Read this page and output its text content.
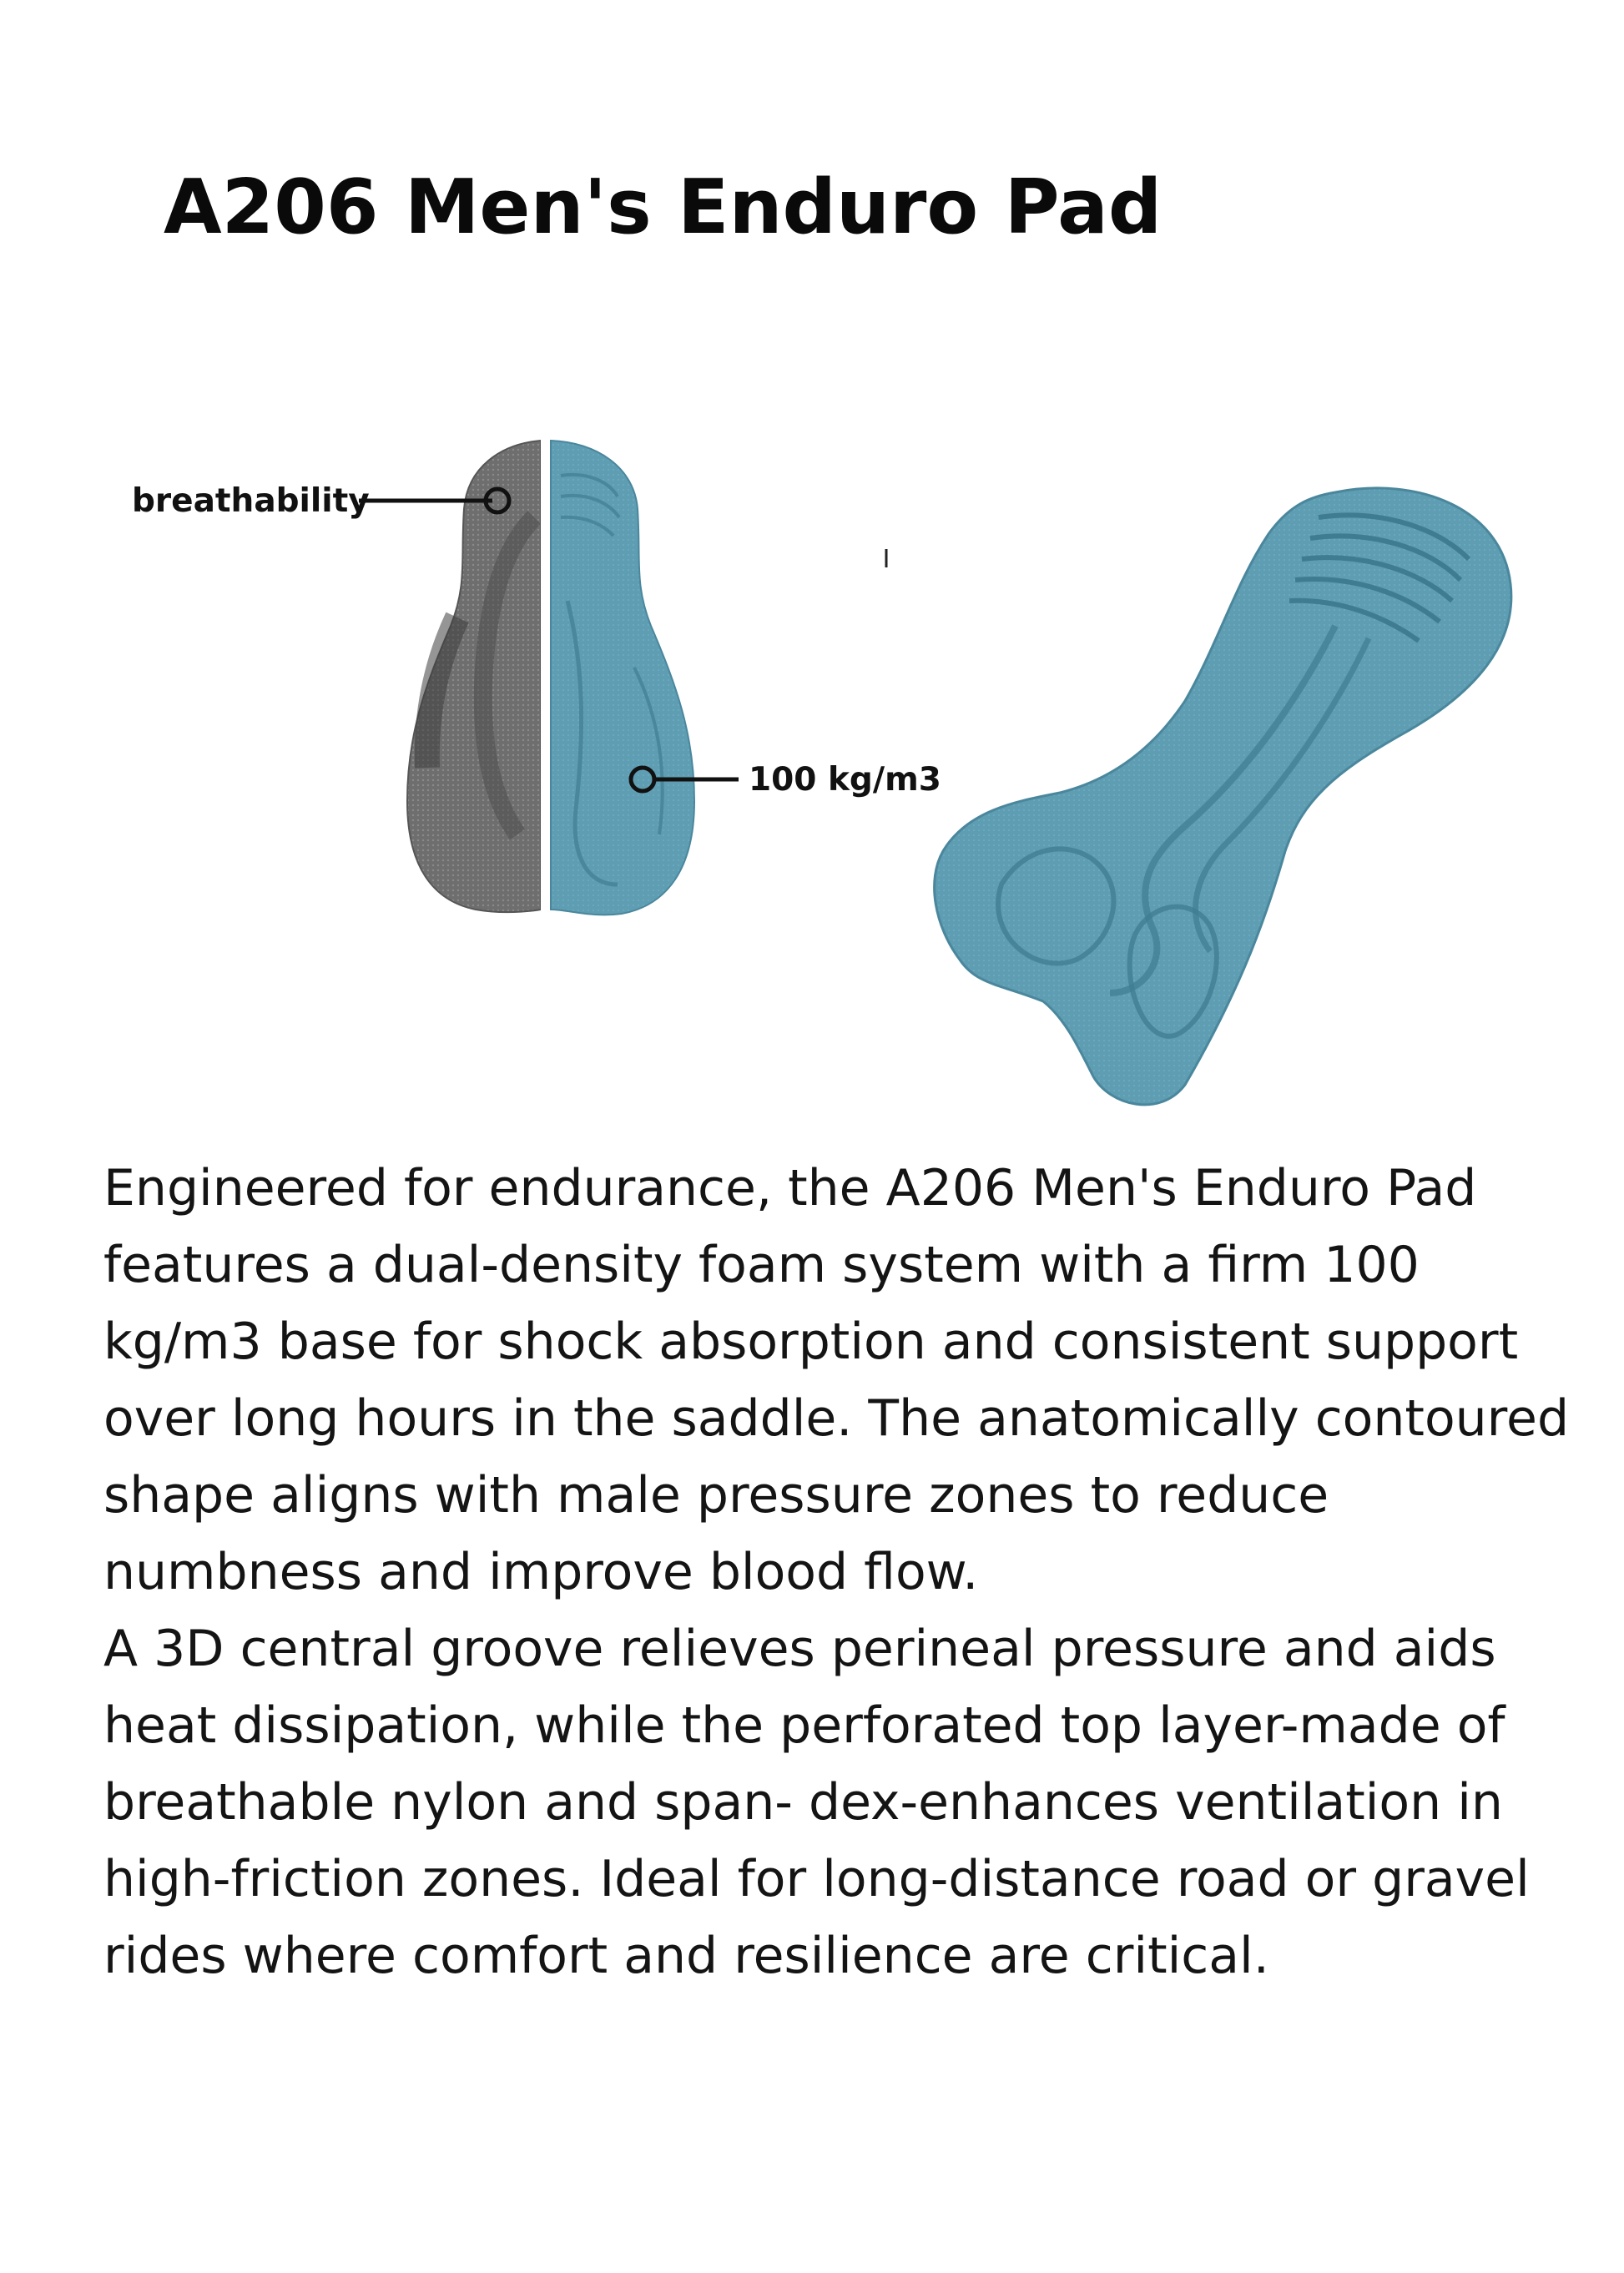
A206 Men's Enduro Pad
breathability
100 kg/m3

Engineered for endurance, the A206 Men's Enduro Pad features a dual-density foam system with a firm 100 kg/m3 base for shock absorption and consistent support over long hours in the saddle. The anatomically contoured shape aligns with male pressure zones to reduce numbness and improve blood flow.

A 3D central groove relieves perineal pressure and aids heat dissipation, while the perforated top layer-made of breathable nylon and span- dex-enhances ventilation in high-friction zones. Ideal for long-distance road or gravel rides where comfort and resilience are critical.
